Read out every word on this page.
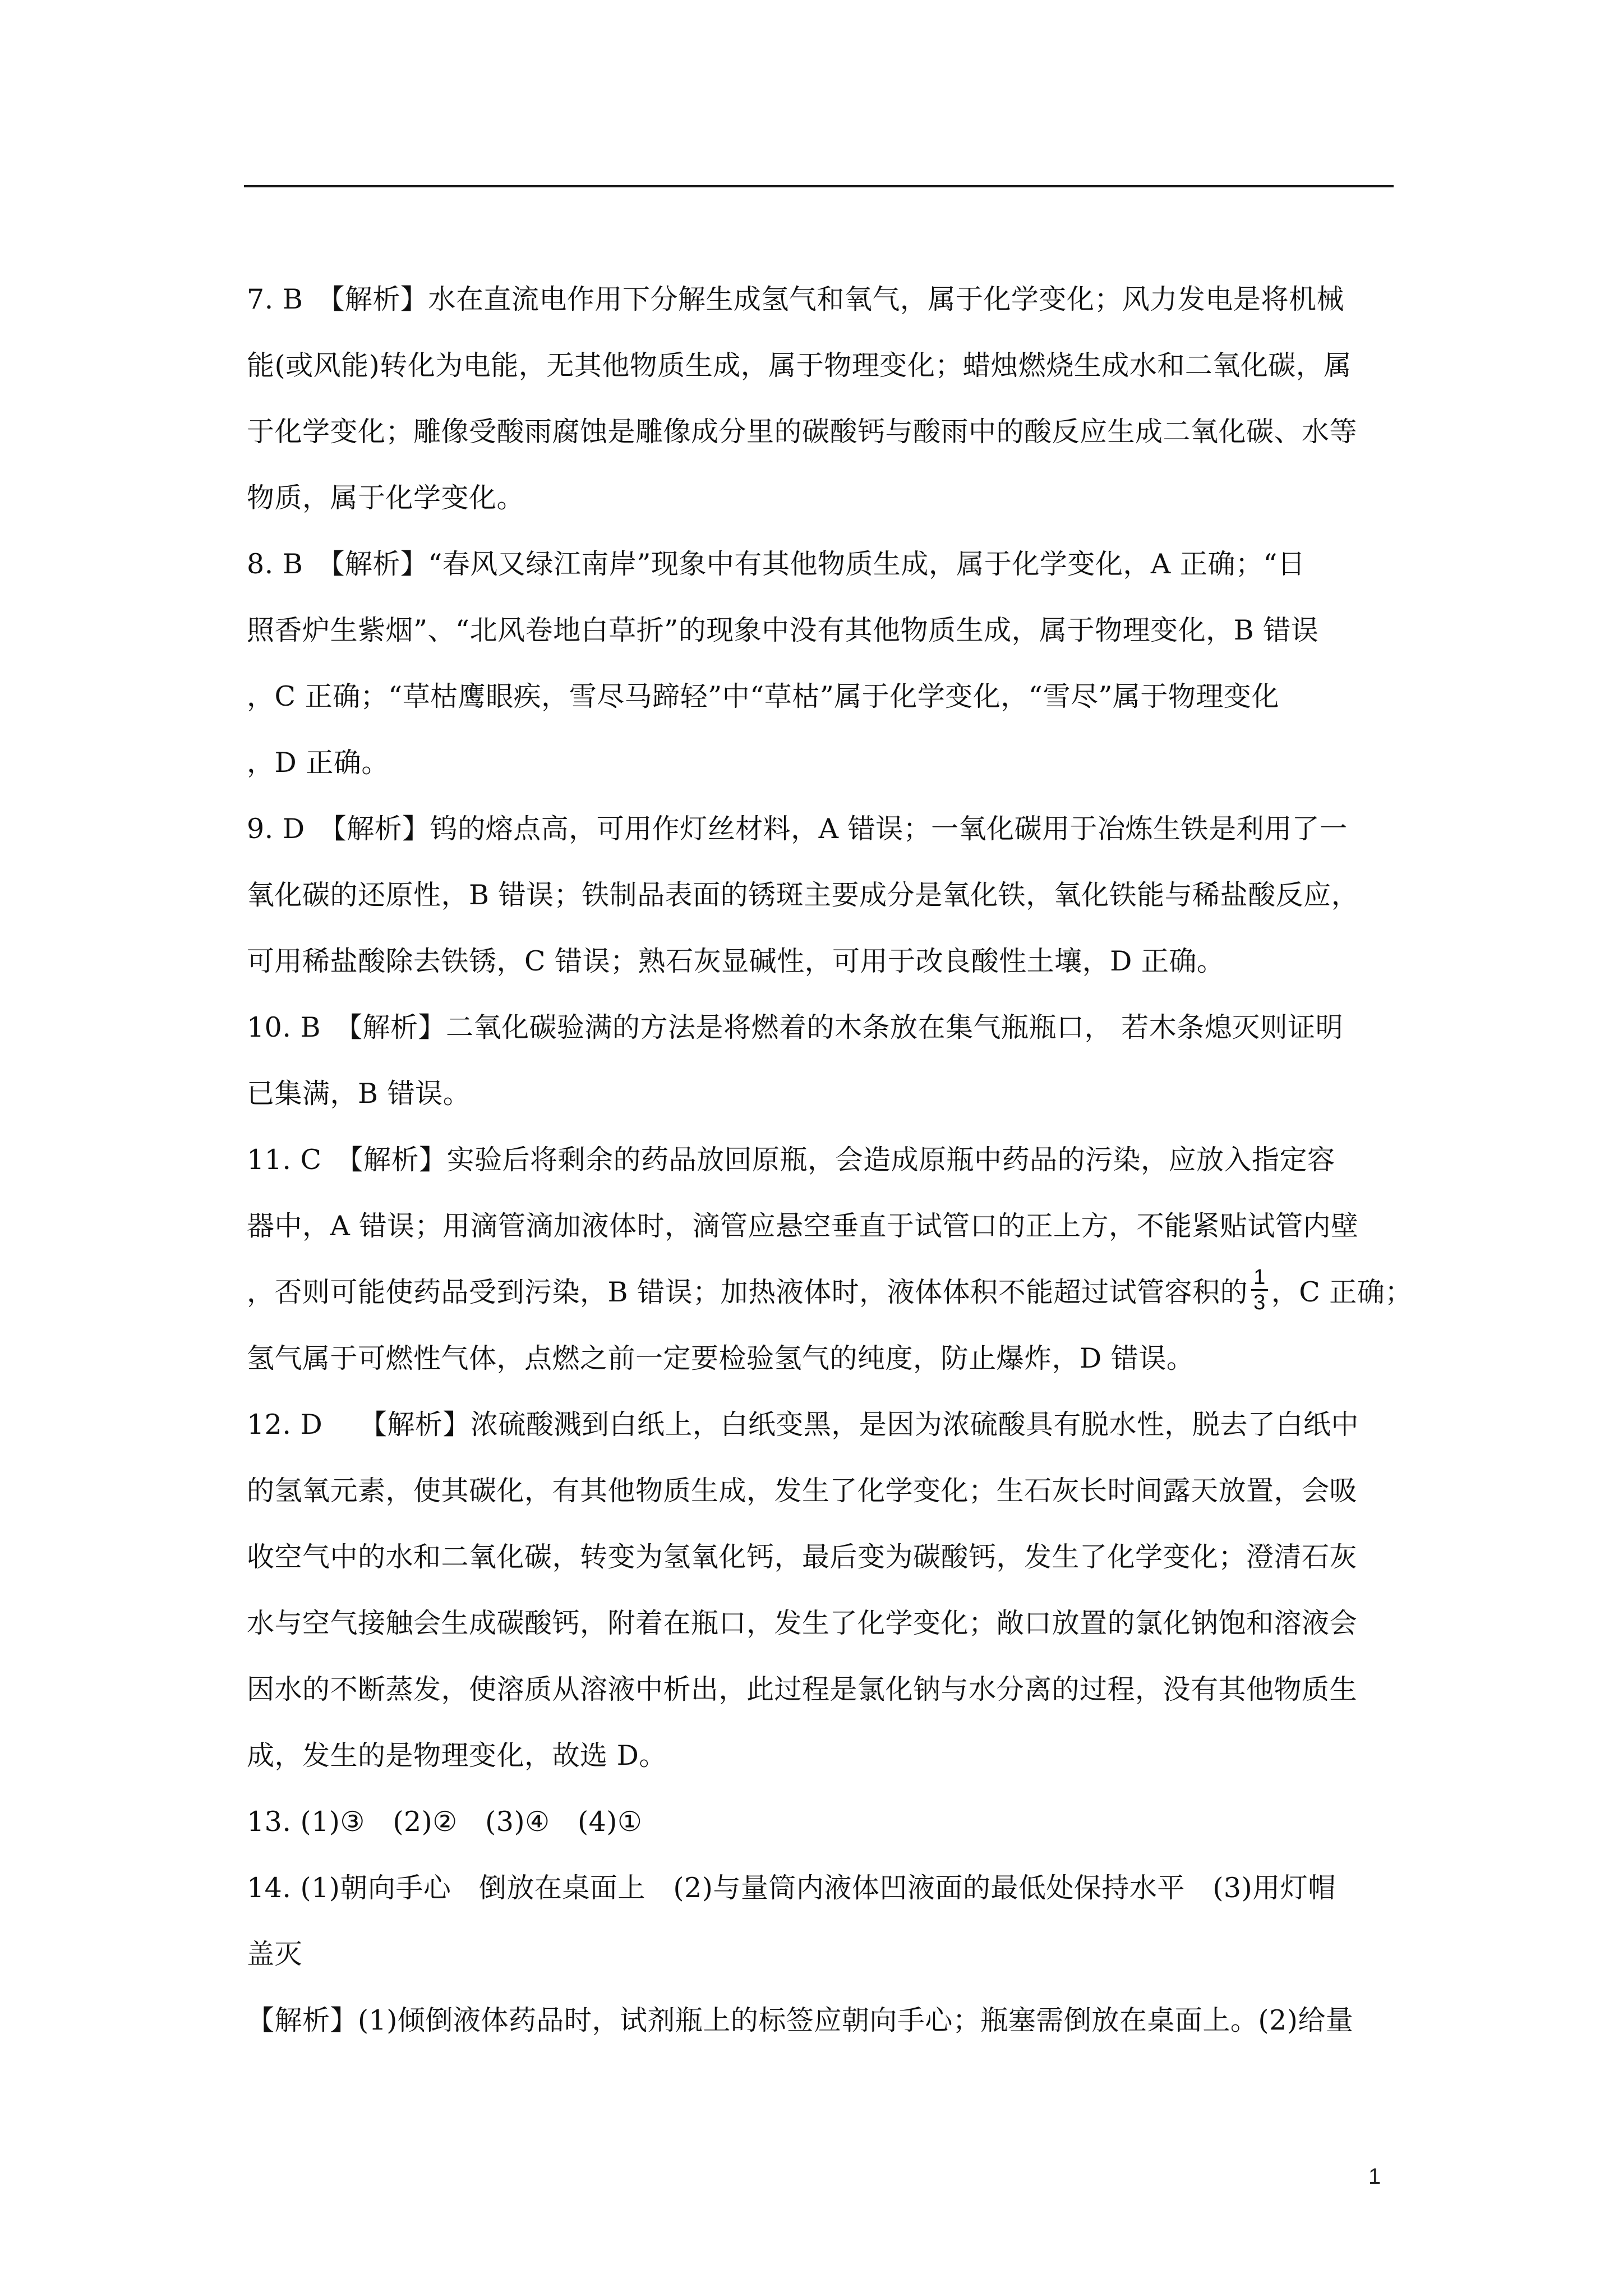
7. B　【解析】水在直流电作用下分解生成氢气和氧气，属于化学变化；风力发电是将机械
能(或风能)转化为电能，无其他物质生成，属于物理变化；蜡烛燃烧生成水和二氧化碳，属
于化学变化；雕像受酸雨腐蚀是雕像成分里的碳酸钙与酸雨中的酸反应生成二氧化碳、水等
物质，属于化学变化。
8. B　【解析】“春风又绿江南岸”现象中有其他物质生成，属于化学变化，A 正确；“日
照香炉生紫烟”、“北风卷地白草折”的现象中没有其他物质生成，属于物理变化，B 错误
，C 正确；“草枯鹰眼疾，雪尽马蹄轻”中“草枯”属于化学变化，“雪尽”属于物理变化
，D 正确。
9. D　【解析】钨的熔点高，可用作灯丝材料，A 错误；一氧化碳用于冶炼生铁是利用了一
氧化碳的还原性，B 错误；铁制品表面的锈斑主要成分是氧化铁，氧化铁能与稀盐酸反应，
可用稀盐酸除去铁锈，C 错误；熟石灰显碱性，可用于改良酸性土壤，D 正确。
10. B　【解析】二氧化碳验满的方法是将燃着的木条放在集气瓶瓶口， 若木条熄灭则证明
已集满，B 错误。
11. C　【解析】实验后将剩余的药品放回原瓶，会造成原瓶中药品的污染，应放入指定容
器中，A 错误；用滴管滴加液体时，滴管应悬空垂直于试管口的正上方，不能紧贴试管内壁
，否则可能使药品受到污染，B 错误；加热液体时，液体体积不能超过试管容积的 $\frac{1}{3}$ ，C 正确；
氢气属于可燃性气体，点燃之前一定要检验氢气的纯度，防止爆炸，D 错误。
12. D　 【解析】浓硫酸溅到白纸上，白纸变黑，是因为浓硫酸具有脱水性，脱去了白纸中
的氢氧元素，使其碳化，有其他物质生成，发生了化学变化；生石灰长时间露天放置，会吸
收空气中的水和二氧化碳，转变为氢氧化钙，最后变为碳酸钙，发生了化学变化；澄清石灰
水与空气接触会生成碳酸钙，附着在瓶口，发生了化学变化；敞口放置的氯化钠饱和溶液会
因水的不断蒸发，使溶质从溶液中析出，此过程是氯化钠与水分离的过程，没有其他物质生
成，发生的是物理变化，故选 D。
13. (1)③　(2)②　(3)④　(4)①
14. (1)朝向手心　倒放在桌面上　(2)与量筒内液体凹液面的最低处保持水平　(3)用灯帽
盖灭
【解析】(1)倾倒液体药品时，试剂瓶上的标签应朝向手心；瓶塞需倒放在桌面上。(2)给量
1
